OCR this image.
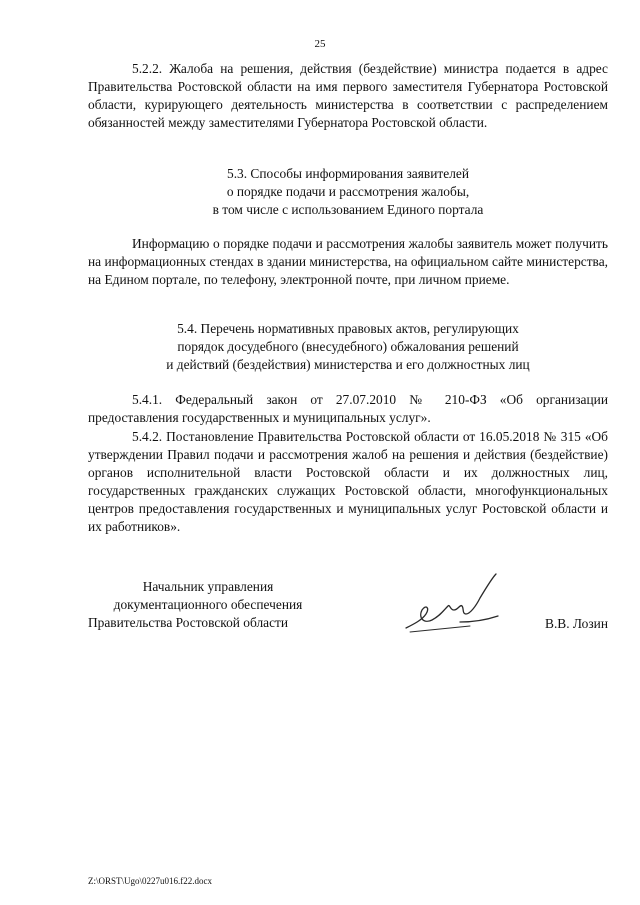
25

5.2.2. Жалоба на решения, действия (бездействие) министра подается в адрес Правительства Ростовской области на имя первого заместителя Губернатора Ростовской области, курирующего деятельность министерства в соответствии с распределением обязанностей между заместителями Губернатора Ростовской области.

5.3. Способы информирования заявителей
о порядке подачи и рассмотрения жалобы,
в том числе с использованием Единого портала

Информацию о порядке подачи и рассмотрения жалобы заявитель может получить на информационных стендах в здании министерства, на официальном сайте министерства, на Едином портале, по телефону, электронной почте, при личном приеме.

5.4. Перечень нормативных правовых актов, регулирующих
порядок досудебного (внесудебного) обжалования решений
и действий (бездействия) министерства и его должностных лиц

5.4.1. Федеральный закон от 27.07.2010 № 210-ФЗ «Об организации предоставления государственных и муниципальных услуг».

5.4.2. Постановление Правительства Ростовской области от 16.05.2018 № 315 «Об утверждении Правил подачи и рассмотрения жалоб на решения и действия (бездействие) органов исполнительной власти Ростовской области и их должностных лиц, государственных гражданских служащих Ростовской области, многофункциональных центров предоставления государственных и муниципальных услуг Ростовской области и их работников».

Начальник управления
документационного обеспечения
Правительства Ростовской области	В.В. Лозин
Z:\ORST\Ugo\0227u016.f22.docx
